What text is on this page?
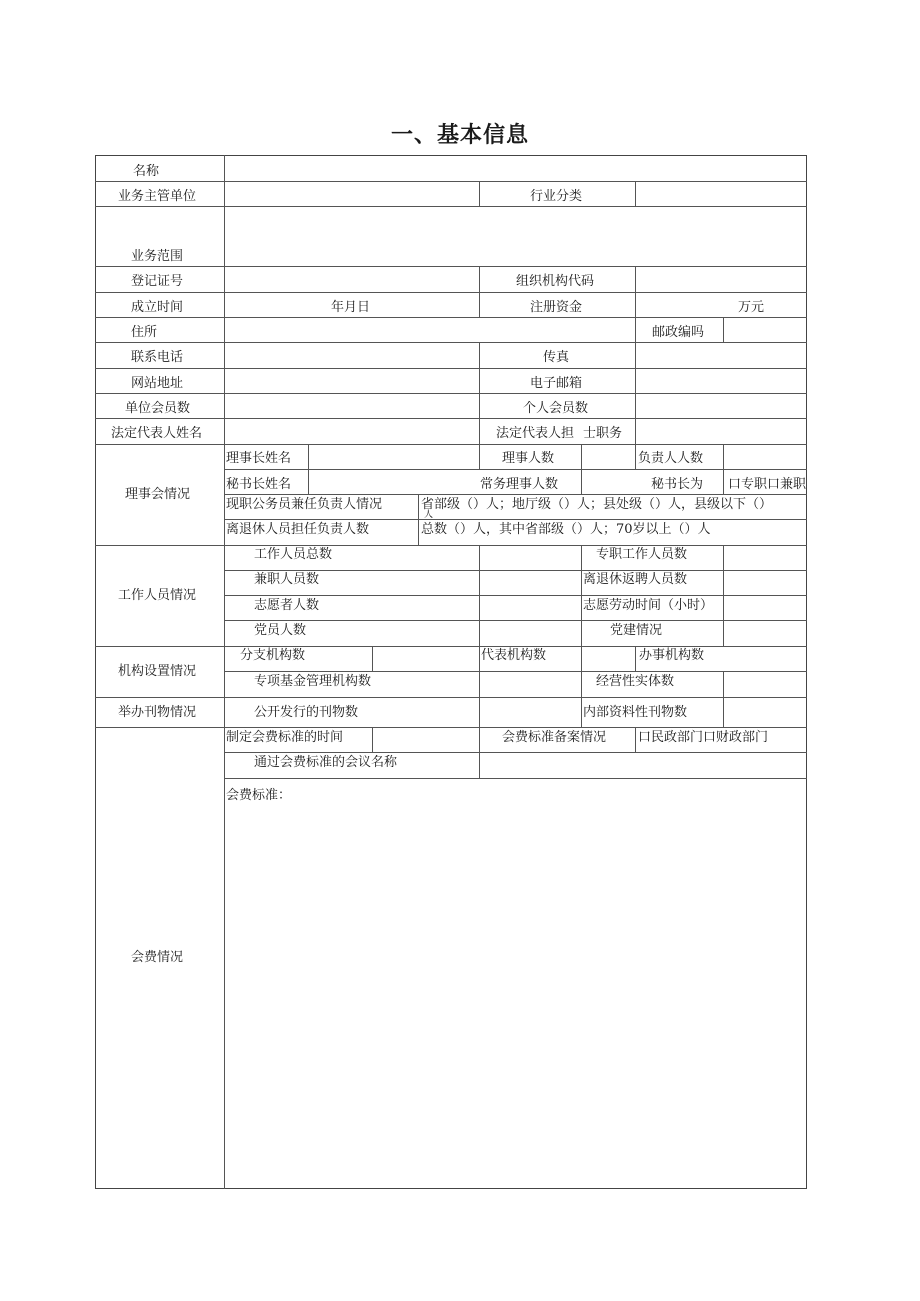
一、基本信息
名称
业务主管单位	行业分类
业务范围
登记证号	组织机构代码
成立时间	年月日	注册资金	万元
住所	邮政编吗
联系电话	传真
网站地址	电子邮箱
单位会员数	个人会员数
法定代表人姓名	法定代表人担 士职务
理事会情况
理事长姓名	理事人数	负责人人数
秘书长姓名	常务理事人数	秘书长为 口专职口兼职
现职公务员兼任负责人情况	省部级（）人；地厅级（）人；县处级（）人，县级以下（）
人
离退休人员担任负责人数	总数（）人，其中省部级（）人；70岁以上（）人
工作人员情况
工作人员总数	专职工作人员数
兼职人员数	离退休返聘人员数
志愿者人数	志愿劳动时间（小时）
党员人数	党建情况
机构设置情况
分支机构数	代表机构数	办事机构数
专项基金管理机构数	经营性实体数
举办刊物情况	公开发行的刊物数	内部资料性刊物数
会费情况
制定会费标准的时间	会费标准备案情况 口民政部门口财政部门
通过会费标准的会议名称
会费标准：
